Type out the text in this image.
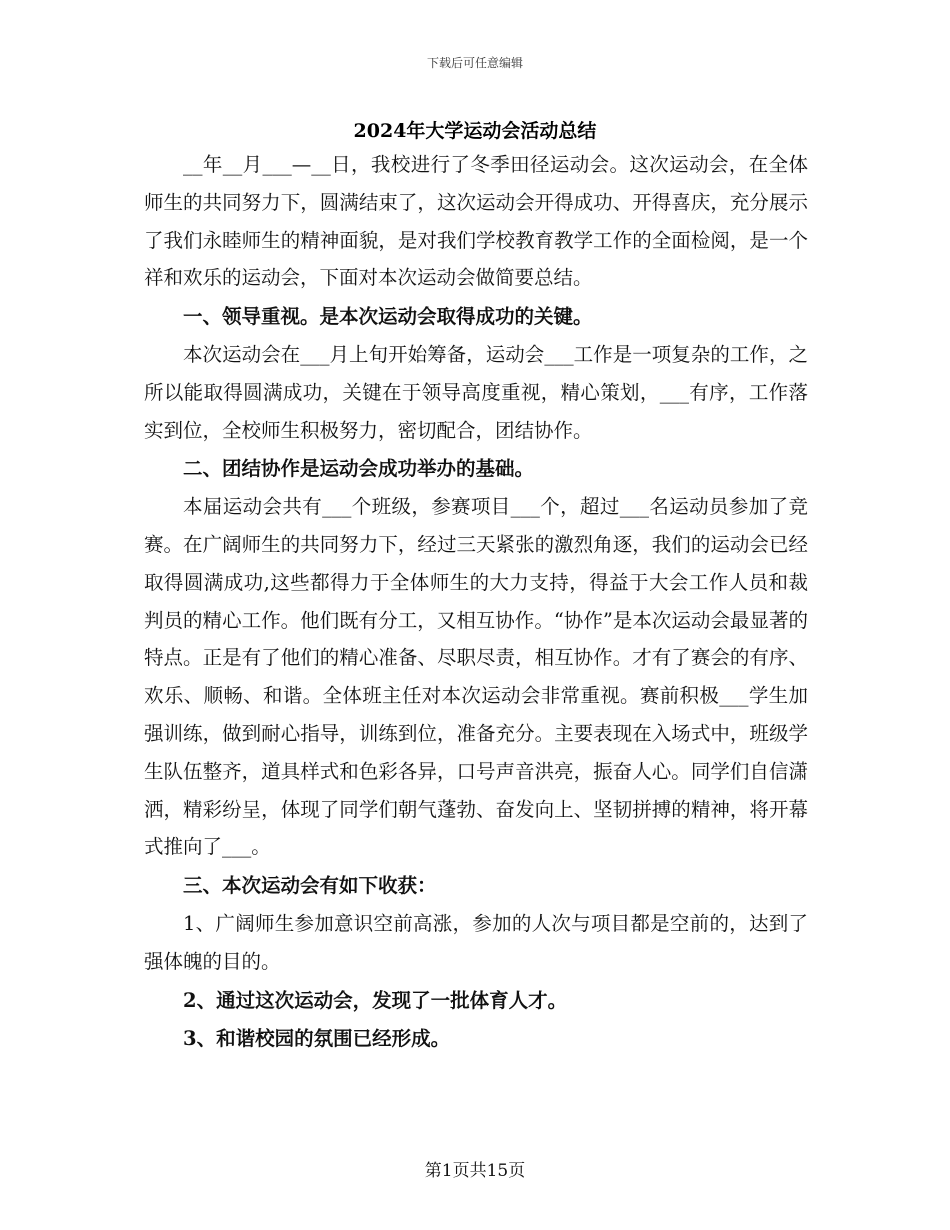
下载后可任意编辑
2024年大学运动会活动总结

__年__月___—__日，我校进行了冬季田径运动会。这次运动会，在全体师生的共同努力下，圆满结束了，这次运动会开得成功、开得喜庆，充分展示了我们永睦师生的精神面貌，是对我们学校教育教学工作的全面检阅，是一个祥和欢乐的运动会，下面对本次运动会做简要总结。

一、领导重视。是本次运动会取得成功的关键。

本次运动会在___月上旬开始筹备，运动会___工作是一项复杂的工作，之所以能取得圆满成功，关键在于领导高度重视，精心策划，___有序，工作落实到位，全校师生积极努力，密切配合，团结协作。

二、团结协作是运动会成功举办的基础。

本届运动会共有___个班级，参赛项目___个，超过___名运动员参加了竞赛。在广阔师生的共同努力下，经过三天紧张的激烈角逐，我们的运动会已经取得圆满成功,这些都得力于全体师生的大力支持，得益于大会工作人员和裁判员的精心工作。他们既有分工，又相互协作。“协作”是本次运动会最显著的特点。正是有了他们的精心准备、尽职尽责，相互协作。才有了赛会的有序、欢乐、顺畅、和谐。全体班主任对本次运动会非常重视。赛前积极___学生加强训练，做到耐心指导，训练到位，准备充分。主要表现在入场式中，班级学生队伍整齐，道具样式和色彩各异，口号声音洪亮，振奋人心。同学们自信潇洒，精彩纷呈，体现了同学们朝气蓬勃、奋发向上、坚韧拼搏的精神，将开幕式推向了___。

三、本次运动会有如下收获：

1、广阔师生参加意识空前高涨，参加的人次与项目都是空前的，达到了强体魄的目的。

2、通过这次运动会，发现了一批体育人才。

3、和谐校园的氛围已经形成。

第1页共15页
